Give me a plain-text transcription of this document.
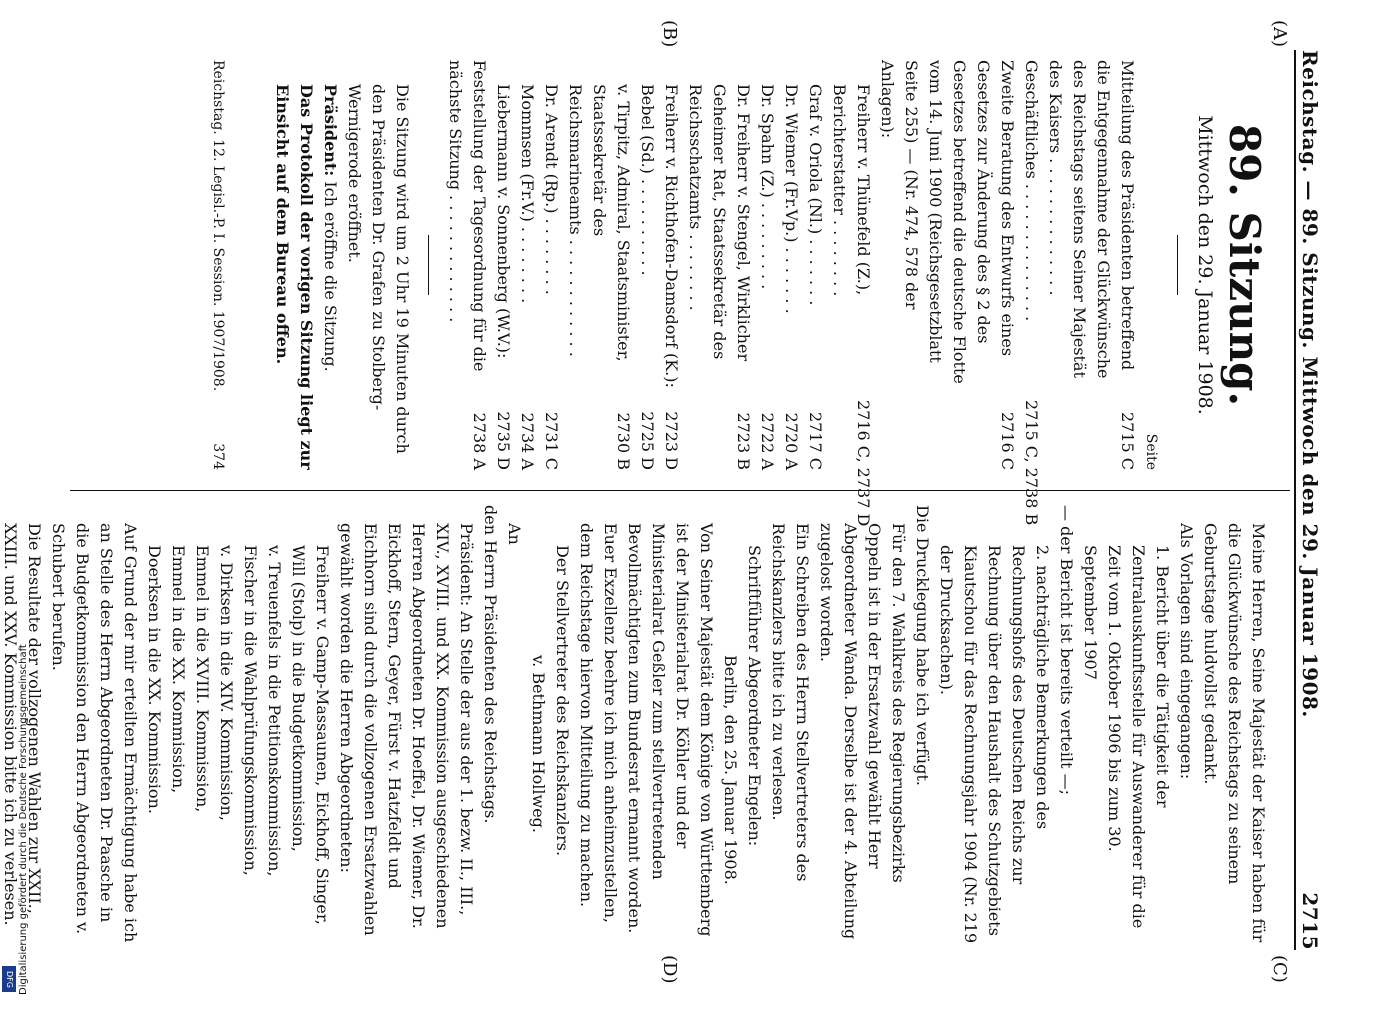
Reichstag. — 89. Sitzung. Mittwoch den 29. Januar 1908.
2715
(A)
(B)
(C)
(D)
89. Sitzung.
Mittwoch den 29. Januar 1908.
Seite
Mitteilung des Präsidenten betreffend die Entgegennahme der Glückwünsche des Reichstags seitens Seiner Majestät des Kaisers . . . . . . . . . . . . . .
2715 C
Geschäftliches . . . . . . . . . . . . . .
2715 C, 2738 B
Zweite Beratung des Entwurfs eines Gesetzes zur Änderung des § 2 des Gesetzes betreffend die deutsche Flotte vom 14. Juni 1900 (Reichsgesetzblatt Seite 255) — (Nr. 474, 578 der Anlagen):
2716 C
Freiherr v. Thünefeld (Z.), Berichterstatter . . . . . . . .
2716 C, 2737 D
Graf v. Oriola (Nl.) . . . . . . .
2717 C
Dr. Wiemer (Fr.Vp.) . . . . . . .
2720 A
Dr. Spahn (Z.) . . . . . . . . .
2722 A
Dr. Freiherr v. Stengel, Wirklicher Geheimer Rat, Staatssekretär des Reichsschatzamts . . . . . . . .
2723 B
Freiherr v. Richthofen-Damsdorf (K.):
2723 D
Bebel (Sd.) . . . . . . . . . .
2725 D
v. Tirpitz, Admiral, Staatsminister, Staatssekretär des Reichsmarineamts . . . . . . . . . . . .
2730 B
Dr. Arendt (Rp.) . . . . . . . .
2731 C
Mommsen (Fr.V.) . . . . . . . .
2734 A
Liebermann v. Sonnenberg (W.V.):
2735 D
Feststellung der Tagesordnung für die nächste Sitzung . . . . . . . . . . . . .
2738 A

Die Sitzung wird um 2 Uhr 19 Minuten durch den Präsidenten Dr. Grafen zu Stolberg-Wernigerode eröffnet.

Präsident: Ich eröffne die Sitzung.

Das Protokoll der vorigen Sitzung liegt zur Einsicht auf dem Bureau offen.

Reichstag. 12. Legisl.-P. I. Session. 1907/1908.
374

Meine Herren, Seine Majestät der Kaiser haben für die Glückwünsche des Reichstags zu seinem Geburtstage huldvollst gedankt.

Als Vorlagen sind eingegangen:

1. Bericht über die Tätigkeit der Zentralauskunftsstelle für Auswanderer für die Zeit vom 1. Oktober 1906 bis zum 30. September 1907

— der Bericht ist bereits verteilt —;

2. nachträgliche Bemerkungen des Rechnungshofs des Deutschen Reichs zur Rechnung über den Haushalt des Schutzgebiets Kiautschou für das Rechnungsjahr 1904 (Nr. 219 der Drucksachen).

Die Drucklegung habe ich verfügt.

Für den 7. Wahlkreis des Regierungsbezirks Oppeln ist in der Ersatzwahl gewählt Herr Abgeordneter Wanda. Derselbe ist der 4. Abteilung zugelost worden.

Ein Schreiben des Herrn Stellvertreters des Reichskanzlers bitte ich zu verlesen.

Schriftführer Abgeordneter Engelen:

Berlin, den 25. Januar 1908.

Von Seiner Majestät dem Könige von Württemberg ist der Ministerialrat Dr. Köhler und der Ministerialrat Geßler zum stellvertretenden Bevollmächtigten zum Bundesrat ernannt worden.

Euer Exzellenz beehre ich mich anheimzustellen, dem Reichstage hiervon Mitteilung zu machen.

Der Stellvertreter des Reichskanzlers.

v. Bethmann Hollweg.

An

den Herrn Präsidenten des Reichstags.

Präsident: An Stelle der aus der 1. bezw. II., III., XIV., XVIII. und XX. Kommission ausgeschiedenen Herren Abgeordneten Dr. Hoeffel, Dr. Wiemer, Dr. Eickhoff, Stern, Geyer, Fürst v. Hatzfeldt und Eichhorn sind durch die vollzogenen Ersatzwahlen gewählt worden die Herren Abgeordneten:

Freiherr v. Gamp-Massaunen, Eickhoff, Singer,

Will (Stolp) in die Budgetkommission,

v. Treuenfels in die Petitionskommission,

Fischer in die Wahlprüfungskommission,

v. Dirksen in die XIV. Kommission,

Emmel in die XVIII. Kommission,

Emmel in die XX. Kommission,

Doerksen in die XX. Kommission.

Auf Grund der mir erteilten Ermächtigung habe ich an Stelle des Herrn Abgeordneten Dr. Paasche in die Budgetkommission den Herrn Abgeordneten v. Schubert berufen.

Die Resultate der vollzogenen Wahlen zur XXII., XXIII. und XXV. Kommission bitte ich zu verlesen.

Digitalisierung gefördert durch die Deutsche Forschungsgemeinschaft
DFG
